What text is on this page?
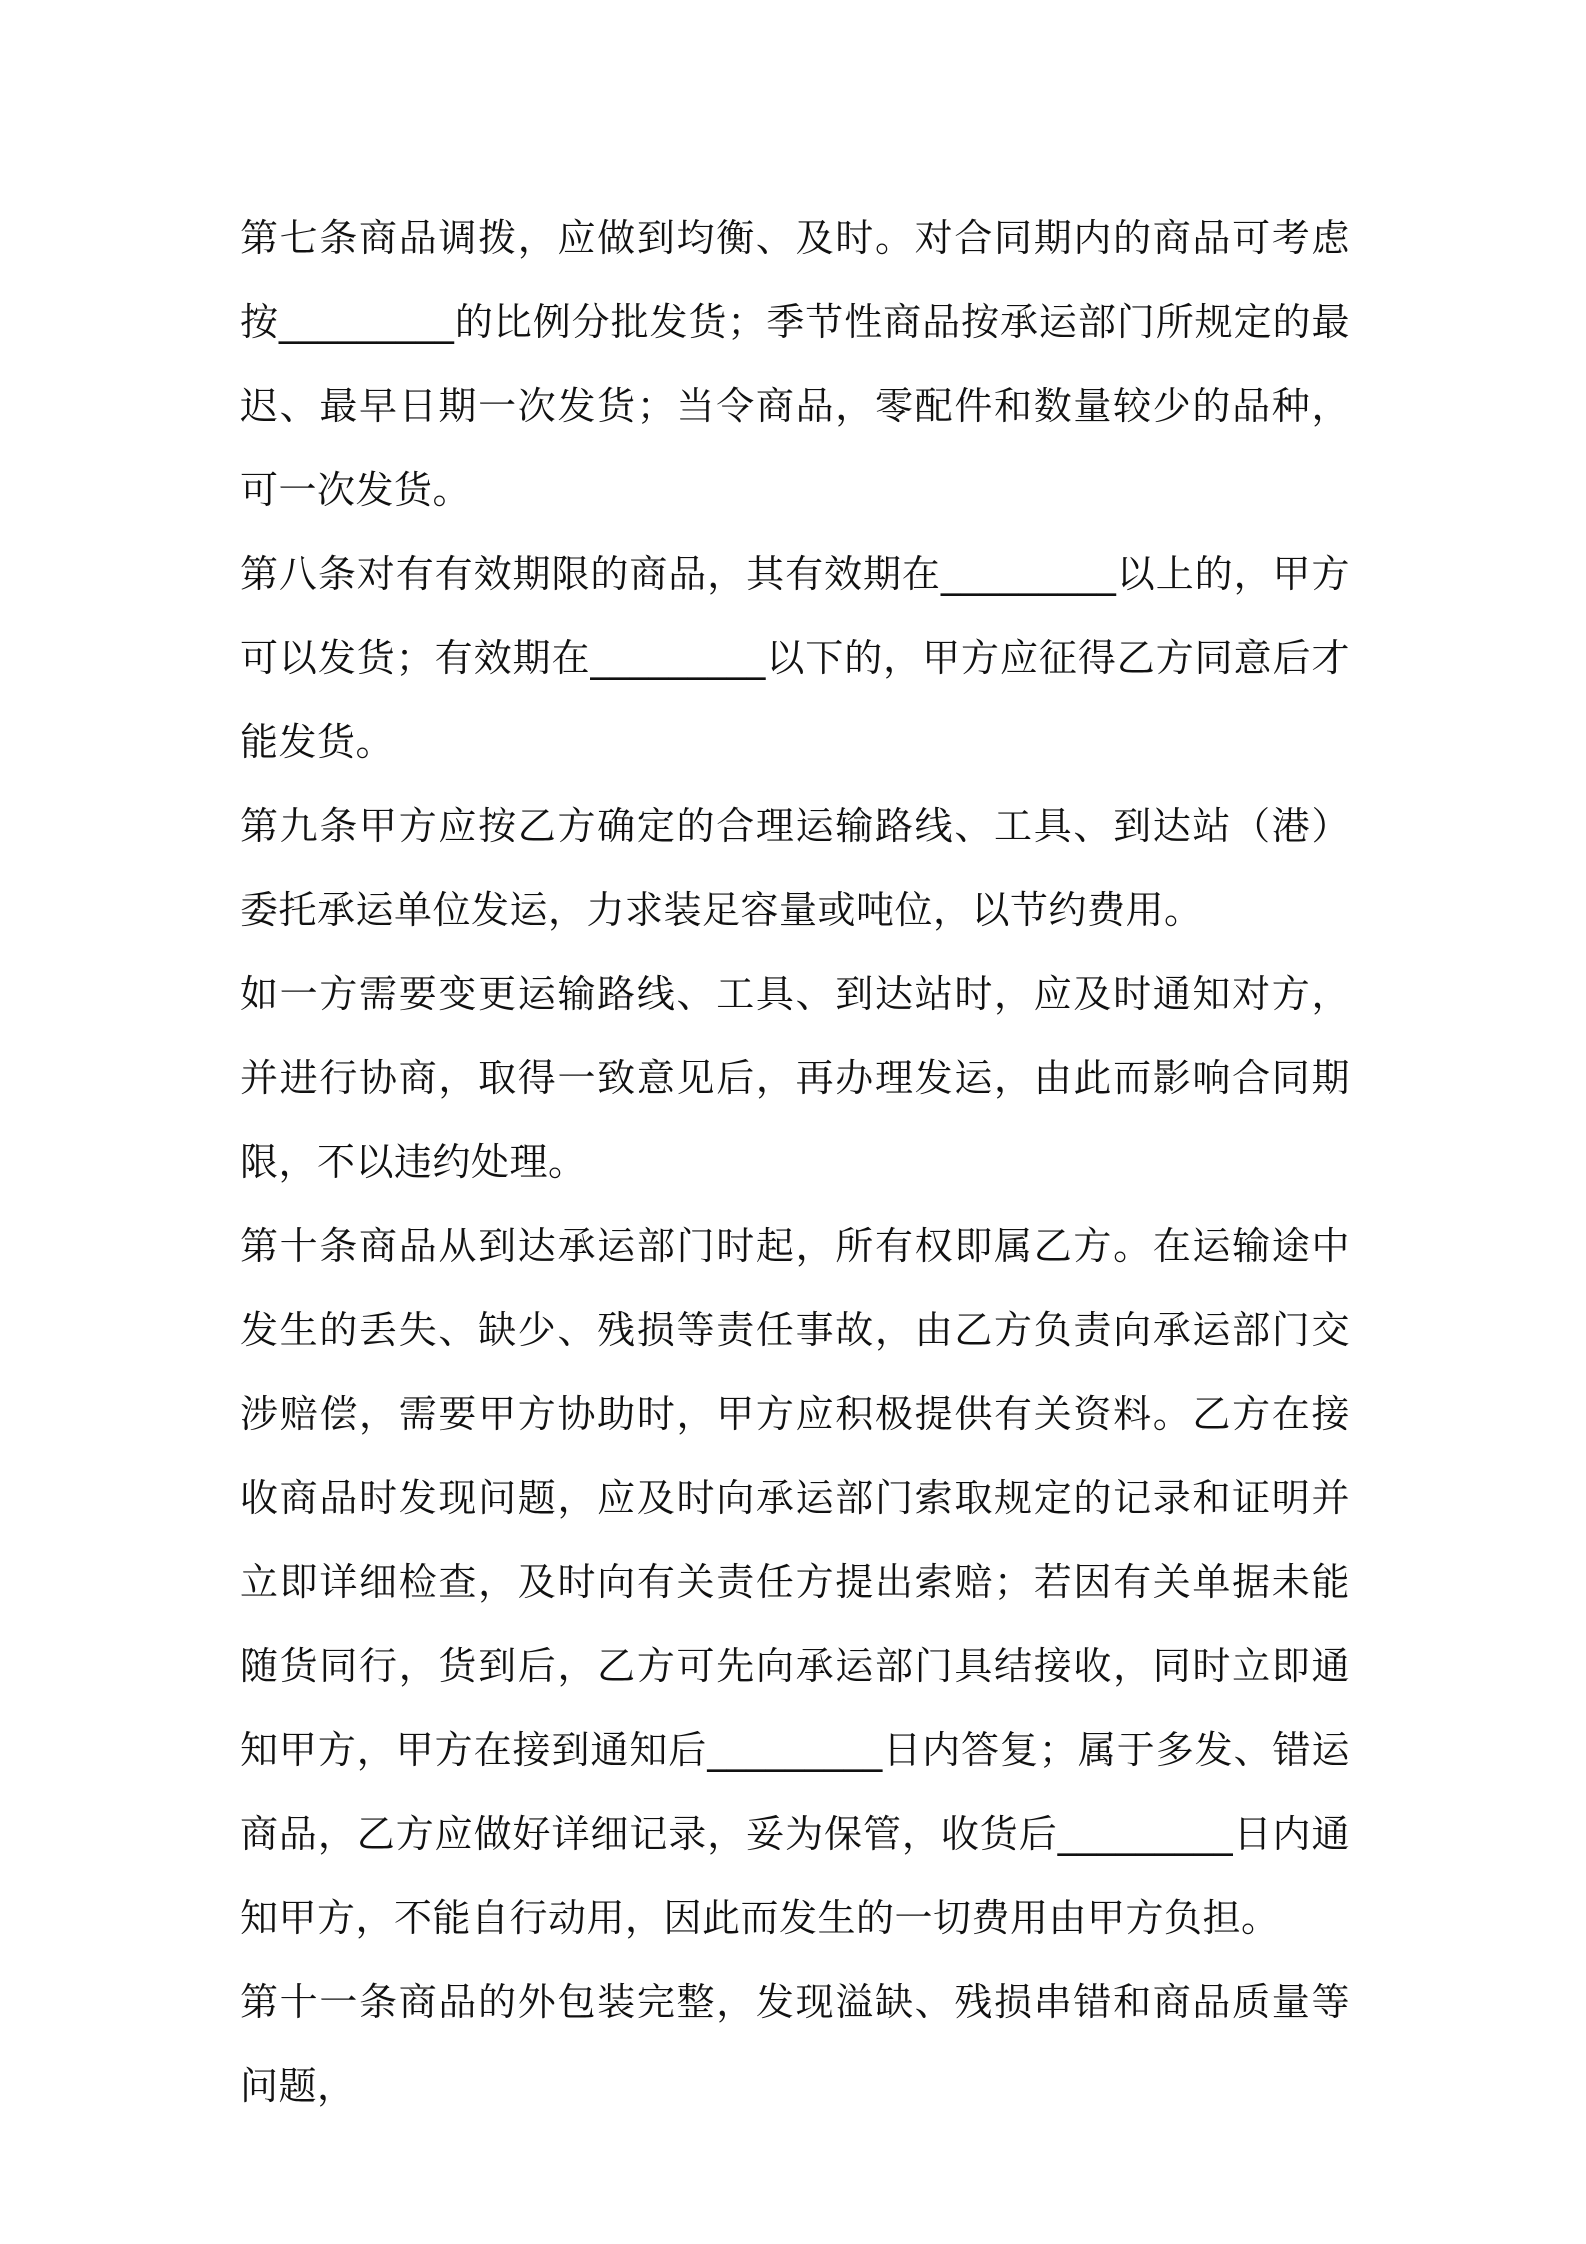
第七条商品调拨，应做到均衡、及时。对合同期内的商品可考虑按_________的比例分批发货；季节性商品按承运部门所规定的最迟、最早日期一次发货；当令商品，零配件和数量较少的品种，可一次发货。

第八条对有有效期限的商品，其有效期在_________以上的，甲方可以发货；有效期在_________以下的，甲方应征得乙方同意后才能发货。

第九条甲方应按乙方确定的合理运输路线、工具、到达站（港）委托承运单位发运，力求装足容量或吨位，以节约费用。

如一方需要变更运输路线、工具、到达站时，应及时通知对方，并进行协商，取得一致意见后，再办理发运，由此而影响合同期限，不以违约处理。

第十条商品从到达承运部门时起，所有权即属乙方。在运输途中发生的丢失、缺少、残损等责任事故，由乙方负责向承运部门交涉赔偿，需要甲方协助时，甲方应积极提供有关资料。乙方在接收商品时发现问题，应及时向承运部门索取规定的记录和证明并立即详细检查，及时向有关责任方提出索赔；若因有关单据未能随货同行，货到后，乙方可先向承运部门具结接收，同时立即通知甲方，甲方在接到通知后_________日内答复；属于多发、错运商品，乙方应做好详细记录，妥为保管，收货后_________日内通知甲方，不能自行动用，因此而发生的一切费用由甲方负担。

第十一条商品的外包装完整，发现溢缺、残损串错和商品质量等问题，
